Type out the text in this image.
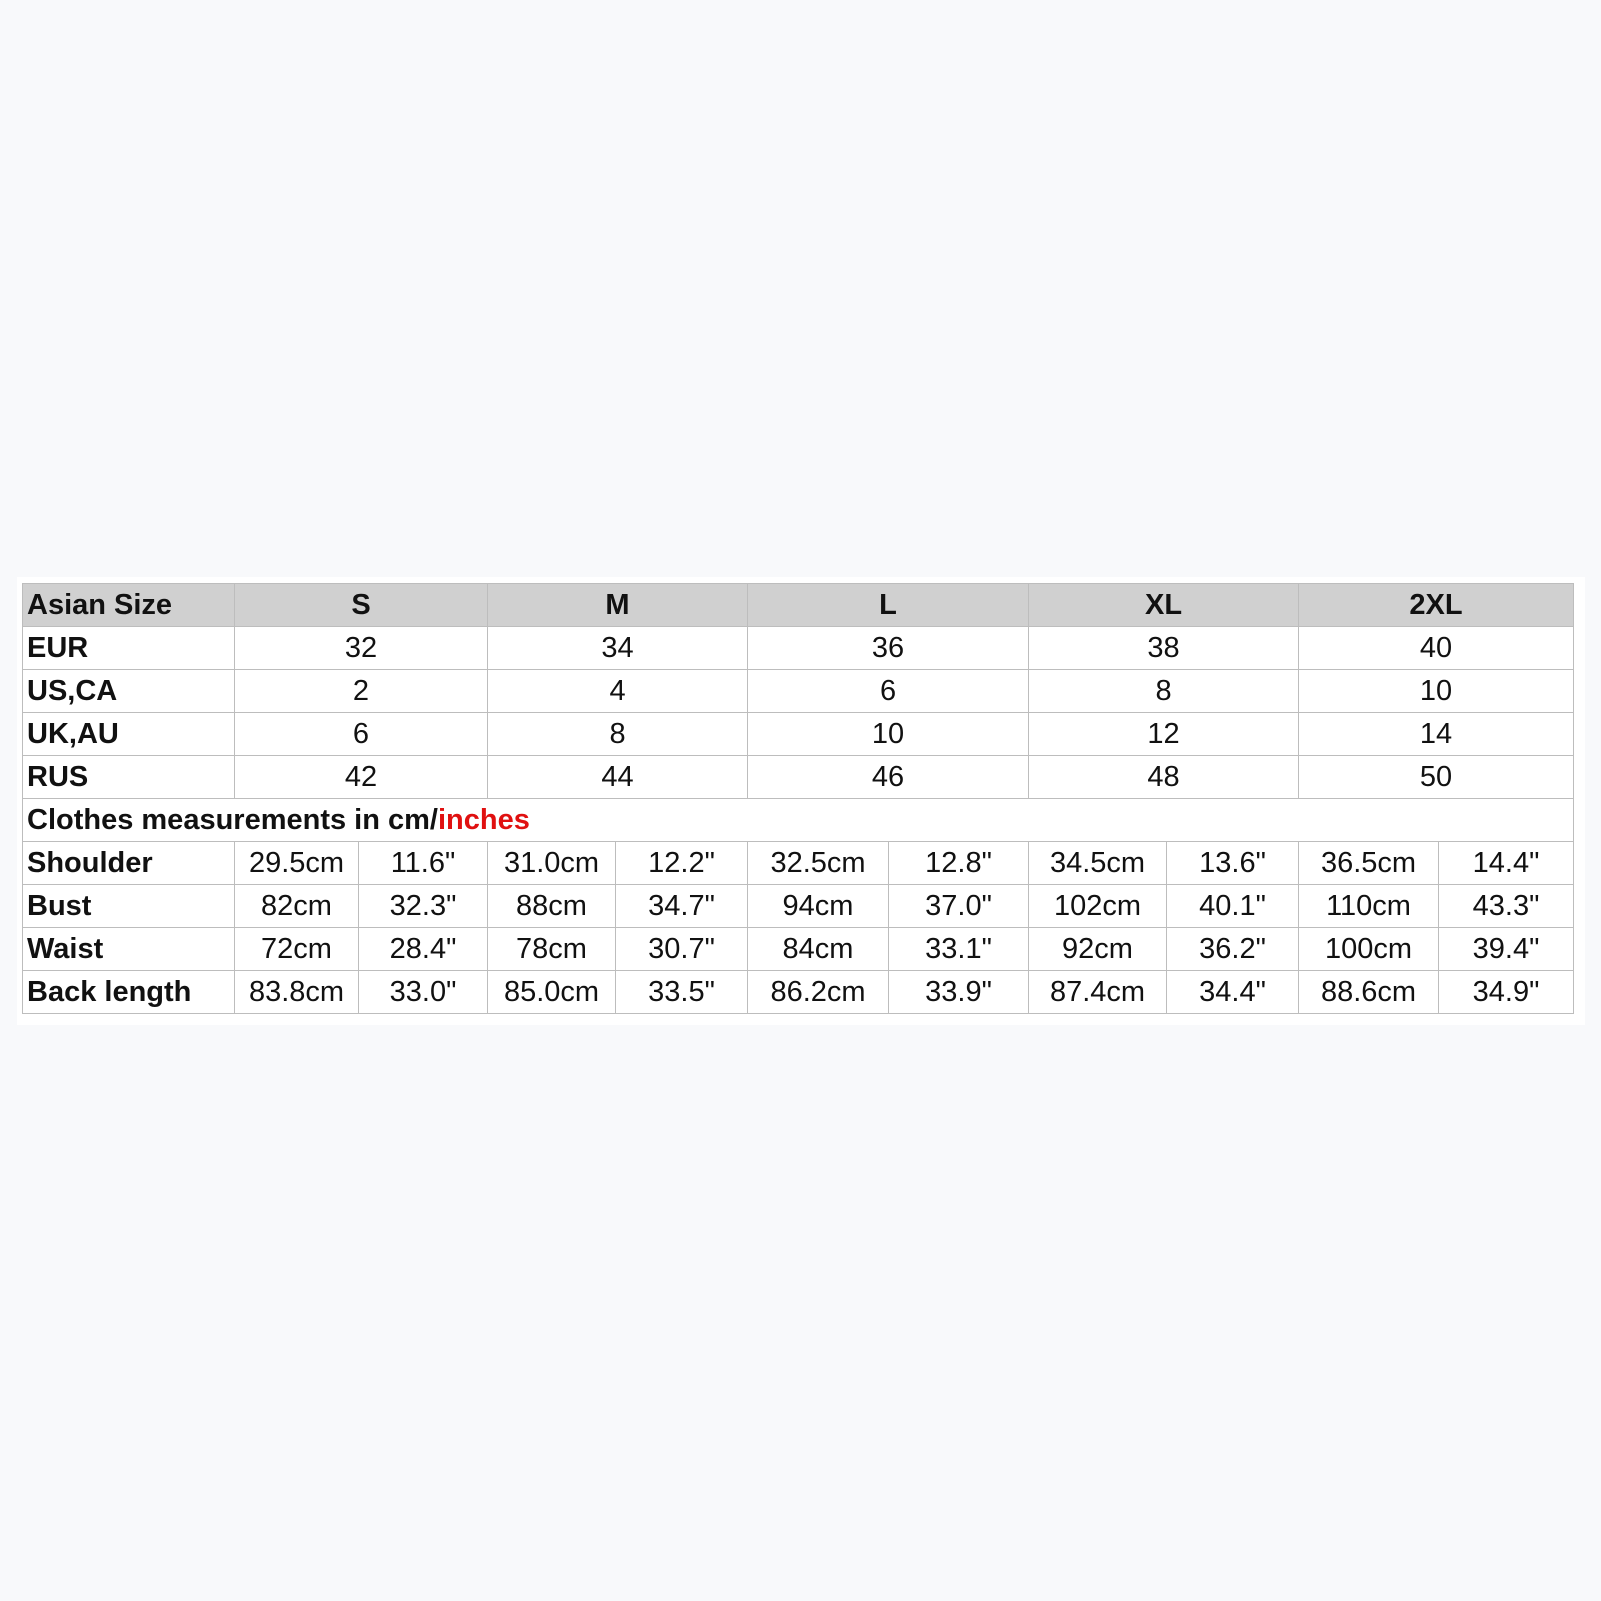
Asian Size	S		M		L		XL		2XL	
EUR	32		34		36		38		40	
US,CA	2		4		6		8		10	
UK,AU	6		8		10		12		14	
RUS	42		44		46		48		50	
Clothes measurements in cm/inches										
Shoulder	29.5cm	11.6"	31.0cm	12.2"	32.5cm	12.8"	34.5cm	13.6"	36.5cm	14.4"
Bust	82cm	32.3"	88cm	34.7"	94cm	37.0"	102cm	40.1"	110cm	43.3"
Waist	72cm	28.4"	78cm	30.7"	84cm	33.1"	92cm	36.2"	100cm	39.4"
Back length	83.8cm	33.0"	85.0cm	33.5"	86.2cm	33.9"	87.4cm	34.4"	88.6cm	34.9"
